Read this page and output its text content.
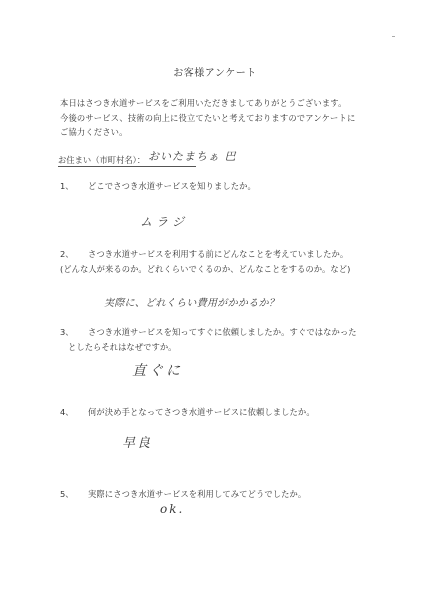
お客様アンケート
本日はさつき水道サービスをご利用いただきましてありがとうございます。
今後のサービス、技術の向上に役立てたいと考えておりますのでアンケートに
ご協力ください。
お住まい（市町村名）： おいたまちぁ 巴
1、 どこでさつき水道サービスを知りましたか。
ムラジ
2、 さつき水道サービスを利用する前にどんなことを考えていましたか。
(どんな人が来るのか。どれくらいでくるのか、どんなことをするのか。など)
実際に、どれくらい費用がかかるか？
3、 さつき水道サービスを知ってすぐに依頼しましたか。すぐではなかった
としたらそれはなぜですか。
直ぐに
4、 何が決め手となってさつき水道サービスに依頼しましたか。
早良
5、 実際にさつき水道サービスを利用してみてどうでしたか。
ok.
